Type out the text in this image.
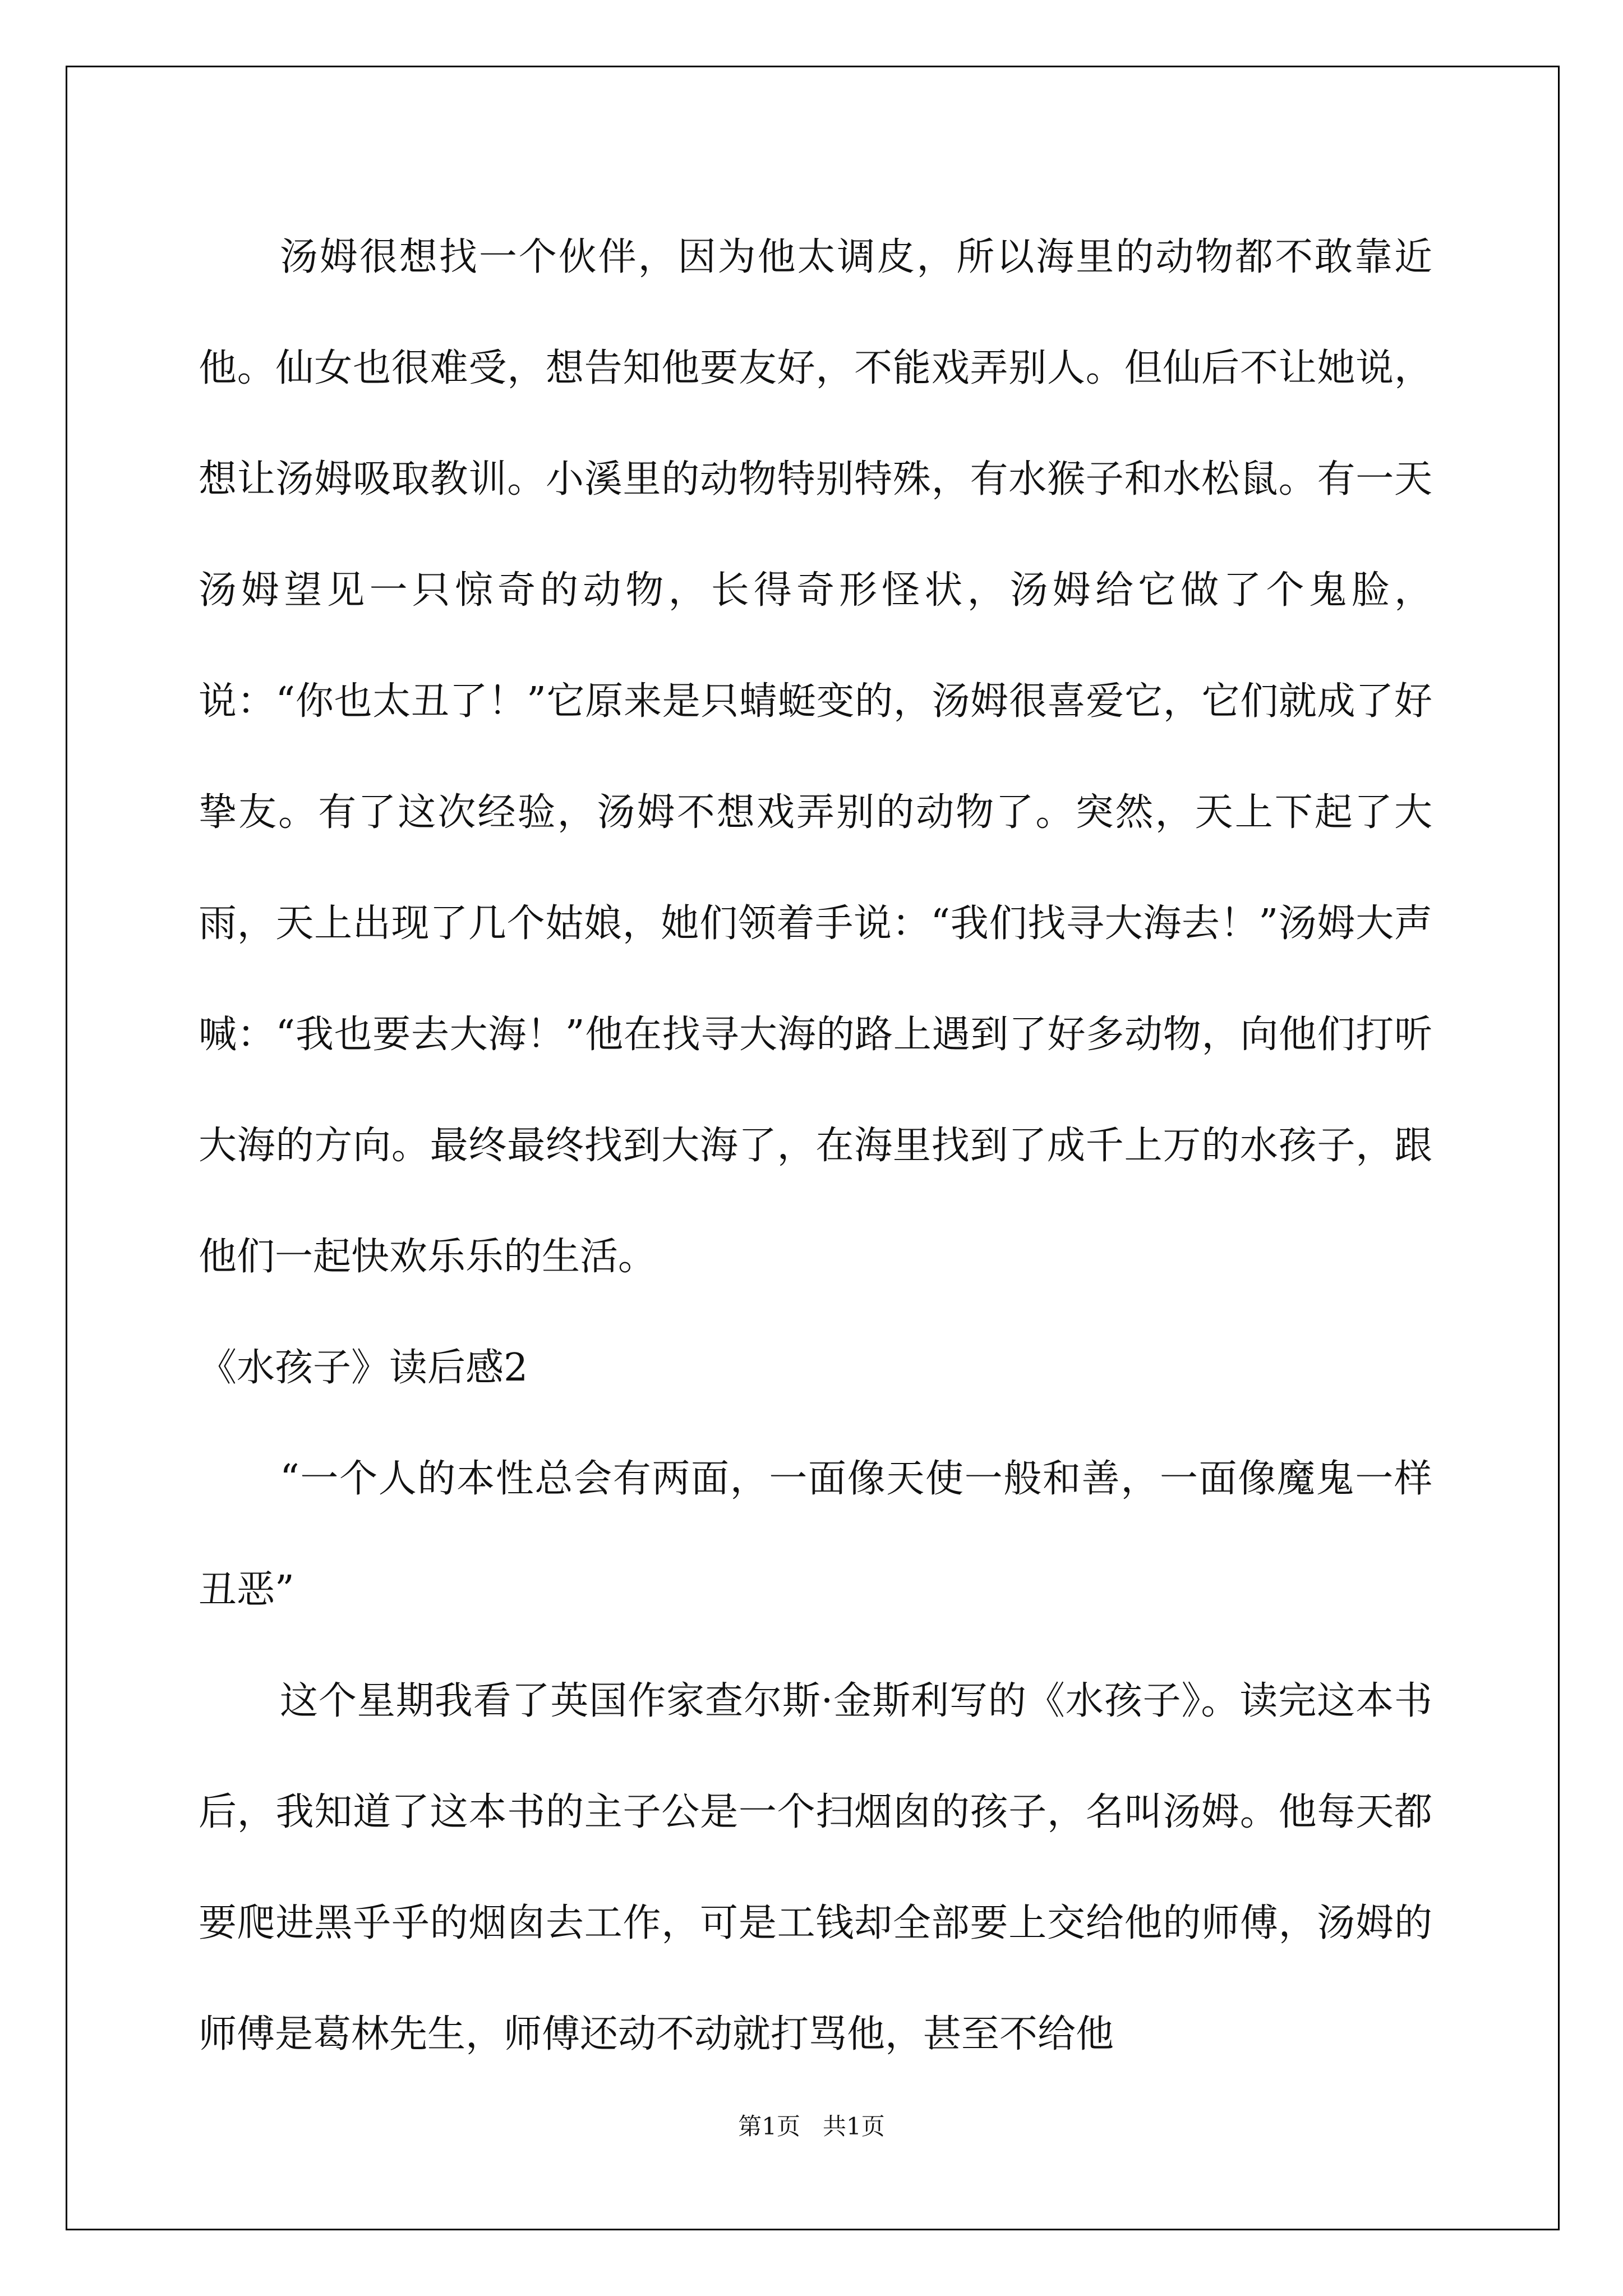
汤姆很想找一个伙伴，因为他太调皮，所以海里的动物都不敢靠近他。仙女也很难受，想告知他要友好，不能戏弄别人。但仙后不让她说，想让汤姆吸取教训。小溪里的动物特别特殊，有水猴子和水松鼠。有一天汤姆望见一只惊奇的动物，长得奇形怪状，汤姆给它做了个鬼脸，说：“你也太丑了！”它原来是只蜻蜓变的，汤姆很喜爱它，它们就成了好挚友。有了这次经验，汤姆不想戏弄别的动物了。突然，天上下起了大雨，天上出现了几个姑娘，她们领着手说：“我们找寻大海去！”汤姆大声喊：“我也要去大海！”他在找寻大海的路上遇到了好多动物，向他们打听大海的方向。最终最终找到大海了，在海里找到了成千上万的水孩子，跟他们一起快欢乐乐的生活。

《水孩子》读后感2

“一个人的本性总会有两面，一面像天使一般和善，一面像魔鬼一样丑恶”

这个星期我看了英国作家查尔斯·金斯利写的《水孩子》。读完这本书后，我知道了这本书的主子公是一个扫烟囱的孩子，名叫汤姆。他每天都要爬进黑乎乎的烟囱去工作，可是工钱却全部要上交给他的师傅，汤姆的师傅是葛林先生，师傅还动不动就打骂他，甚至不给他

第1页   共1页
